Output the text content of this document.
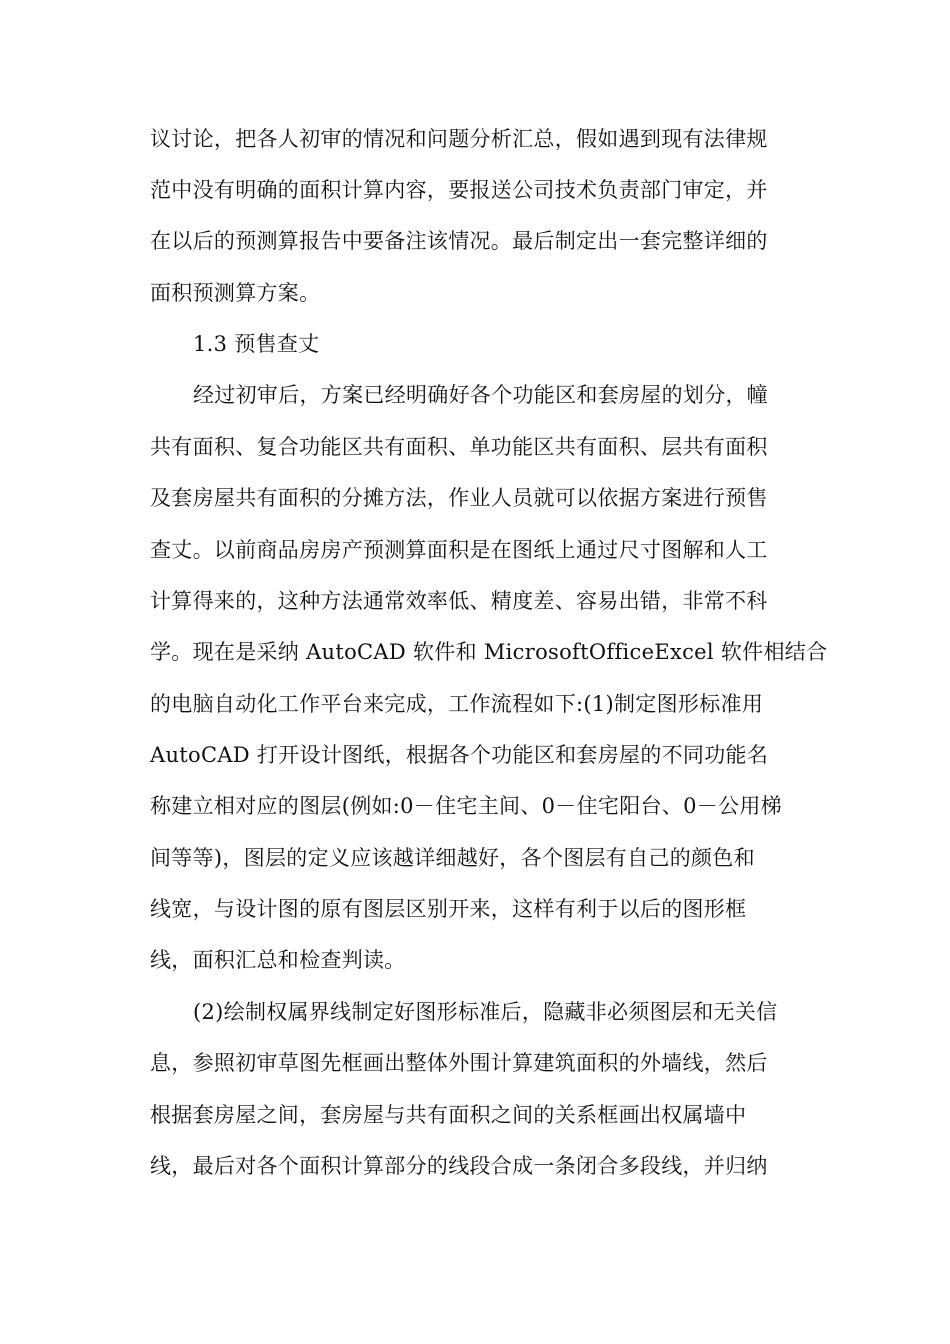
议讨论，把各人初审的情况和问题分析汇总，假如遇到现有法律规
范中没有明确的面积计算内容，要报送公司技术负责部门审定，并
在以后的预测算报告中要备注该情况。最后制定出一套完整详细的
面积预测算方案。
1.3 预售查丈
经过初审后，方案已经明确好各个功能区和套房屋的划分，幢
共有面积、复合功能区共有面积、单功能区共有面积、层共有面积
及套房屋共有面积的分摊方法，作业人员就可以依据方案进行预售
查丈。以前商品房房产预测算面积是在图纸上通过尺寸图解和人工
计算得来的，这种方法通常效率低、精度差、容易出错，非常不科
学。现在是采纳 AutoCAD 软件和 MicrosoftOfficeExcel 软件相结合
的电脑自动化工作平台来完成，工作流程如下:(1)制定图形标准用
AutoCAD 打开设计图纸，根据各个功能区和套房屋的不同功能名
称建立相对应的图层(例如:0－住宅主间、0－住宅阳台、0－公用梯
间等等)，图层的定义应该越详细越好，各个图层有自己的颜色和
线宽，与设计图的原有图层区别开来，这样有利于以后的图形框
线，面积汇总和检查判读。
(2)绘制权属界线制定好图形标准后，隐藏非必须图层和无关信
息，参照初审草图先框画出整体外围计算建筑面积的外墙线，然后
根据套房屋之间，套房屋与共有面积之间的关系框画出权属墙中
线，最后对各个面积计算部分的线段合成一条闭合多段线，并归纳
